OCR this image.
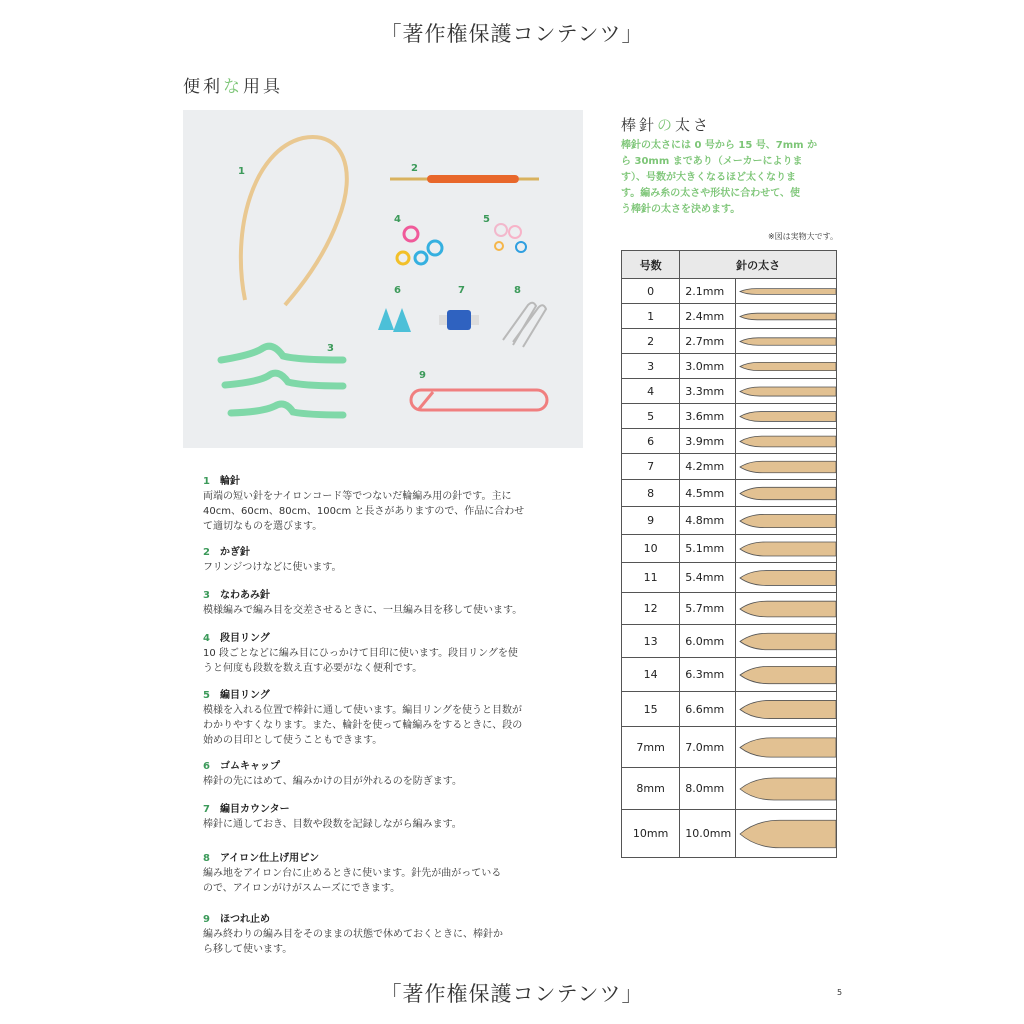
「著作権保護コンテンツ」
便利な用具
1	2
3
4	5
6	7	8
9
1 輪針
両端の短い針をナイロンコード等でつないだ輪編み用の針です。主に
40cm、60cm、80cm、100cm と長さがありますので、作品に合わせ
て適切なものを選びます。
2 かぎ針
フリンジつけなどに使います。
3 なわあみ針
模様編みで編み目を交差させるときに、一旦編み目を移して使います。
4 段目リング
10 段ごとなどに編み目にひっかけて目印に使います。段目リングを使
うと何度も段数を数え直す必要がなく便利です。
5 編目リング
模様を入れる位置で棒針に通して使います。編目リングを使うと目数が
わかりやすくなります。また、輪針を使って輪編みをするときに、段の
始めの目印として使うこともできます。
6 ゴムキャップ
棒針の先にはめて、編みかけの目が外れるのを防ぎます。
7 編目カウンター
棒針に通しておき、目数や段数を記録しながら編みます。
8 アイロン仕上げ用ピン
編み地をアイロン台に止めるときに使います。針先が曲がっている
ので、アイロンがけがスムーズにできます。
9 ほつれ止め
編み終わりの編み目をそのままの状態で休めておくときに、棒針か
ら移して使います。
棒針の太さ
棒針の太さには 0 号から 15 号、7mm か
ら 30mm まであり（メーカーによりま
す）、号数が大きくなるほど太くなりま
す。編み糸の太さや形状に合わせて、使
う棒針の太さを決めます。
※図は実物大です。
号数	針の太さ	
0	2.1mm	

1	2.4mm	

2	2.7mm	

3	3.0mm	

4	3.3mm	

5	3.6mm	

6	3.9mm	

7	4.2mm	

8	4.5mm	

9	4.8mm	

10	5.1mm	

11	5.4mm	

12	5.7mm	

13	6.0mm	

14	6.3mm	

15	6.6mm	

7mm	7.0mm	

8mm	8.0mm	

10mm	10.0mm	
「著作権保護コンテンツ」	5
